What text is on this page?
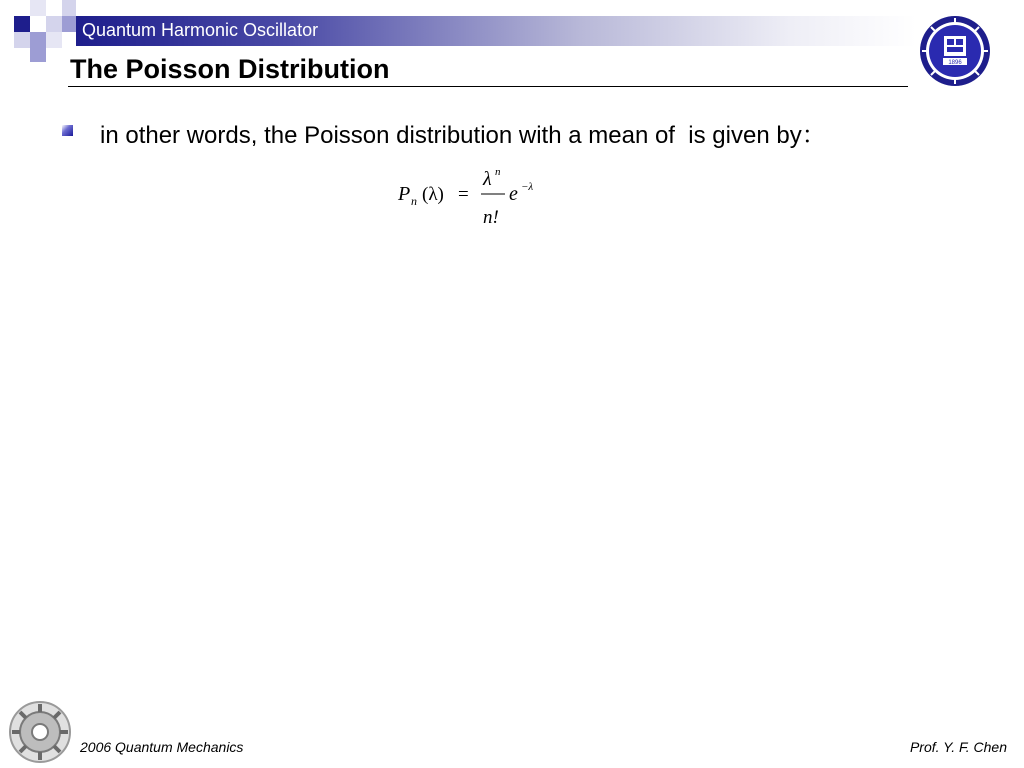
Quantum Harmonic Oscillator
1896
The Poisson Distribution
in other words, the Poisson distribution with a mean of  is given by：
P n (λ) =
λ n
n!
e −λ
2006 Quantum Mechanics	Prof. Y. F. Chen
